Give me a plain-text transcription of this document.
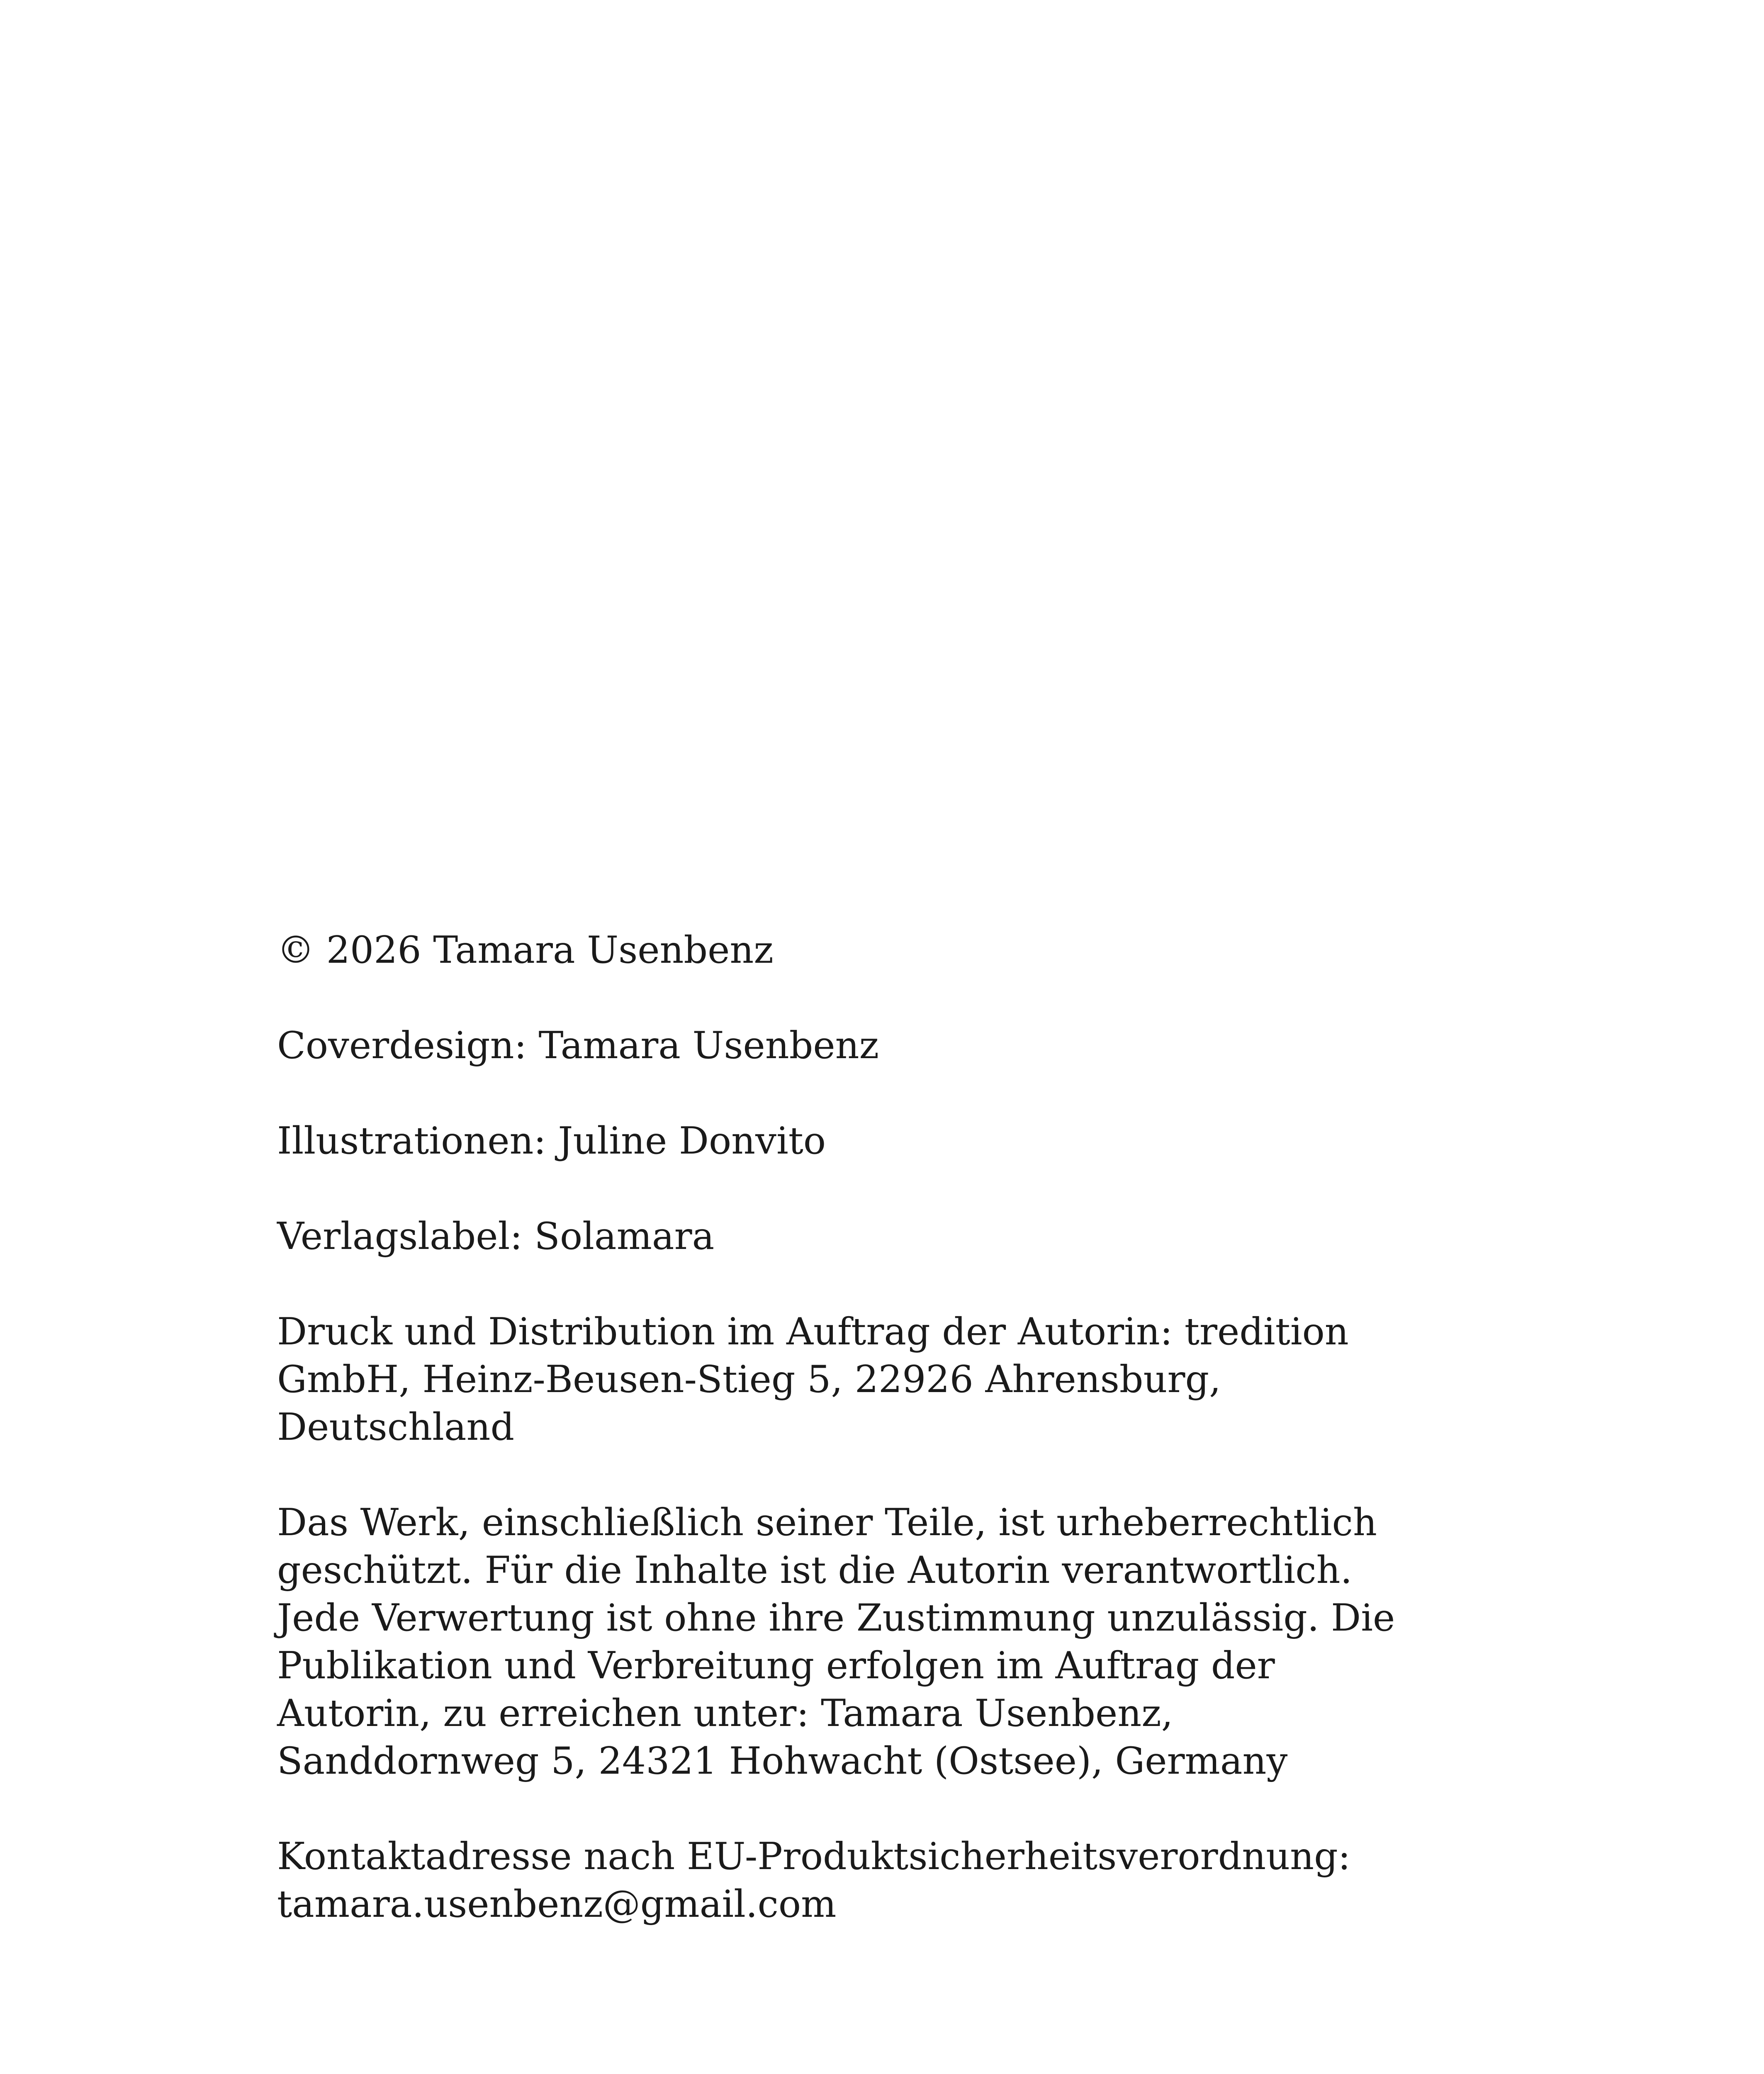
© 2026 Tamara Usenbenz

Coverdesign: Tamara Usenbenz

Illustrationen: Juline Donvito

Verlagslabel: Solamara

Druck und Distribution im Auftrag der Autorin: tredition
GmbH, Heinz-Beusen-Stieg 5, 22926 Ahrensburg,
Deutschland

Das Werk, einschließlich seiner Teile, ist urheberrechtlich
geschützt. Für die Inhalte ist die Autorin verantwortlich.
Jede Verwertung ist ohne ihre Zustimmung unzulässig. Die
Publikation und Verbreitung erfolgen im Auftrag der
Autorin, zu erreichen unter: Tamara Usenbenz,
Sanddornweg 5, 24321 Hohwacht (Ostsee), Germany

Kontaktadresse nach EU-Produktsicherheitsverordnung:
tamara.usenbenz@gmail.com
